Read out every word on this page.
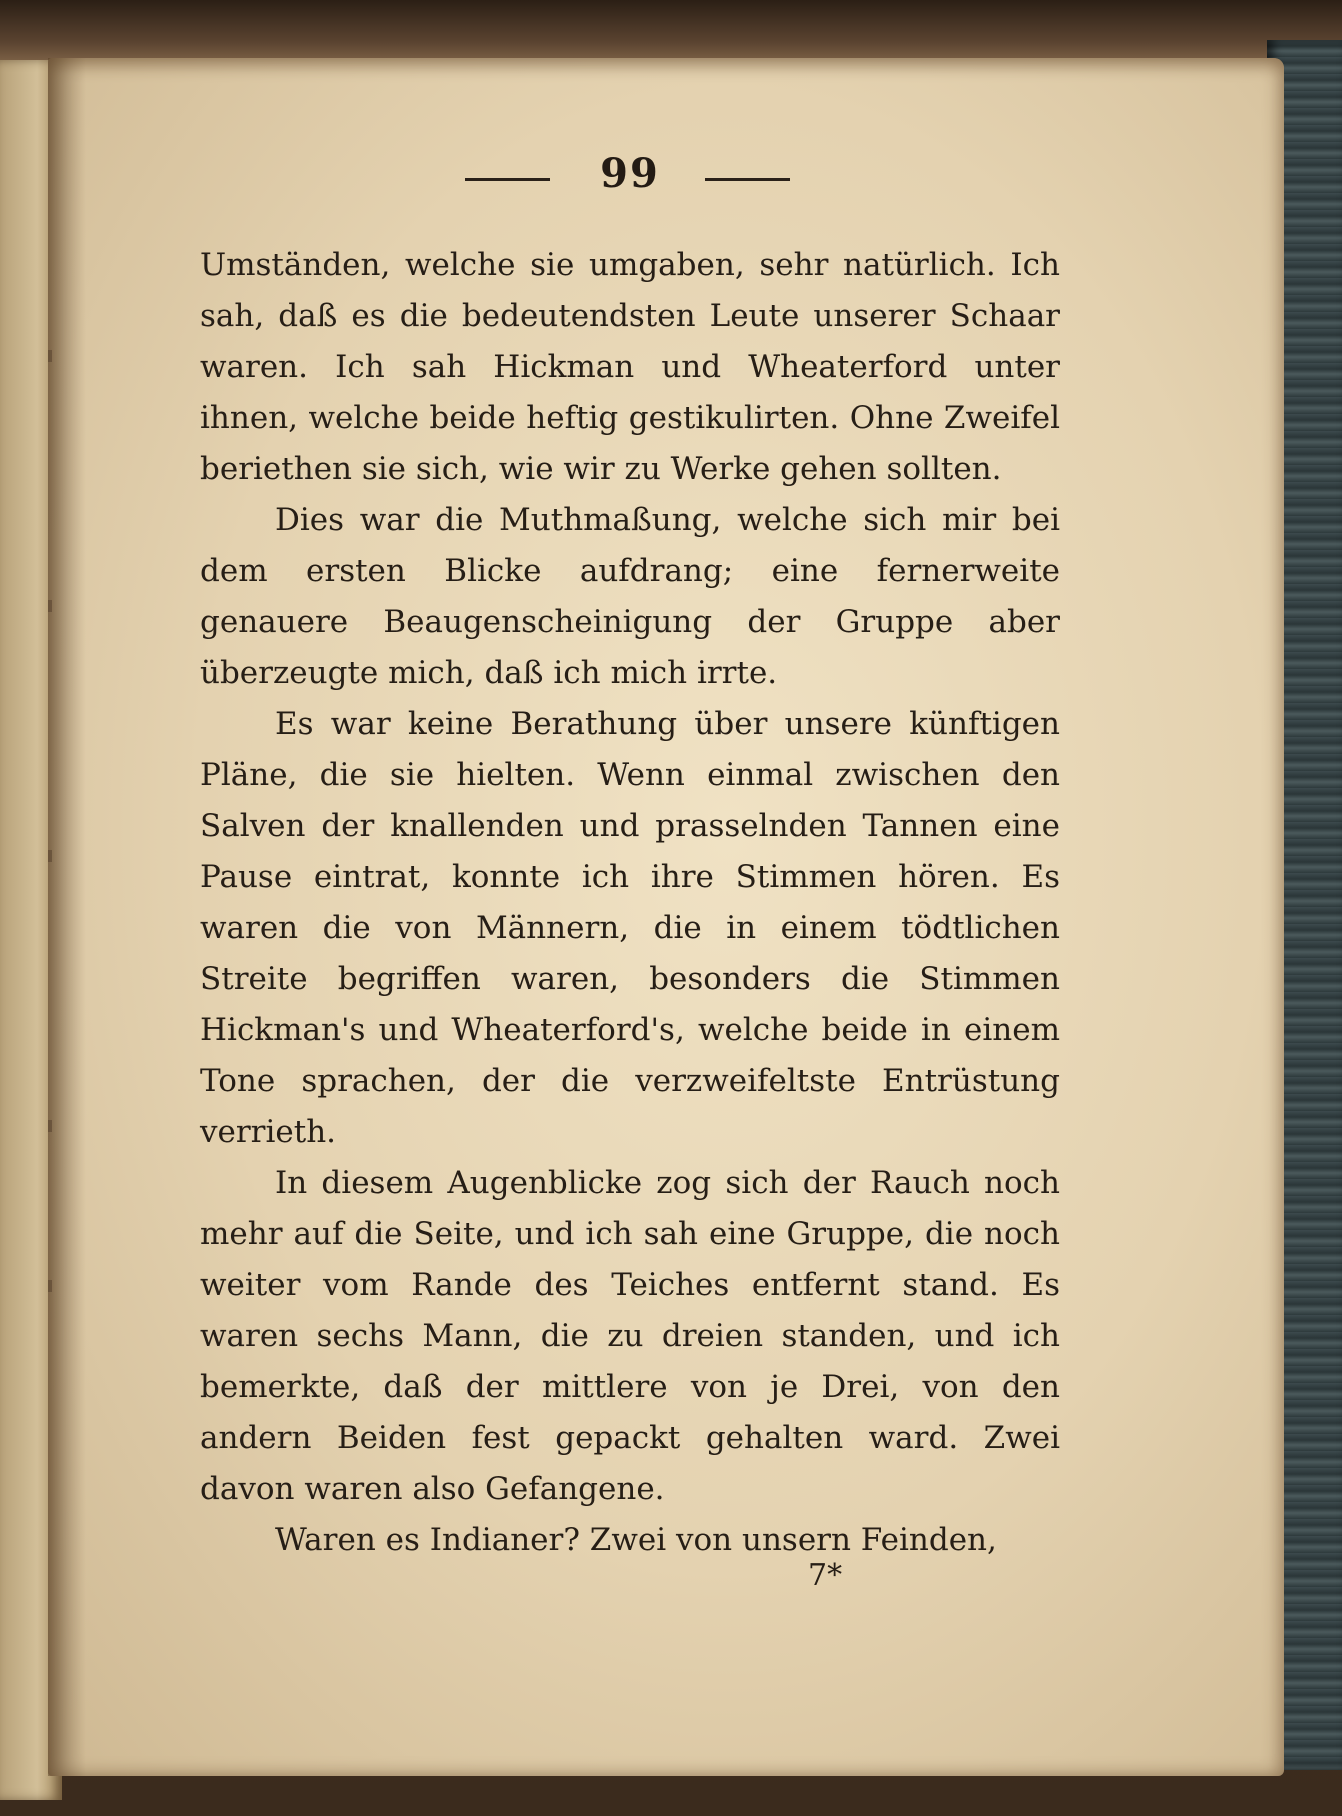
99

Umständen, welche sie umgaben, sehr natürlich. Ich sah, daß es die bedeutendsten Leute unserer Schaar waren. Ich sah Hickman und Wheaterford unter ihnen, welche beide heftig gestikulirten. Ohne Zweifel beriethen sie sich, wie wir zu Werke gehen sollten.

Dies war die Muthmaßung, welche sich mir bei dem ersten Blicke aufdrang; eine fernerweite genauere Beaugenscheinigung der Gruppe aber überzeugte mich, daß ich mich irrte.

Es war keine Berathung über unsere künftigen Pläne, die sie hielten. Wenn einmal zwischen den Salven der knallenden und prasselnden Tannen eine Pause eintrat, konnte ich ihre Stimmen hören. Es waren die von Männern, die in einem tödtlichen Streite begriffen waren, besonders die Stimmen Hickman's und Wheaterford's, welche beide in einem Tone sprachen, der die verzweifeltste Entrüstung verrieth.

In diesem Augenblicke zog sich der Rauch noch mehr auf die Seite, und ich sah eine Gruppe, die noch weiter vom Rande des Teiches entfernt stand. Es waren sechs Mann, die zu dreien standen, und ich bemerkte, daß der mittlere von je Drei, von den andern Beiden fest gepackt gehalten ward. Zwei davon waren also Gefangene.

Waren es Indianer? Zwei von unsern Feinden,

7*
